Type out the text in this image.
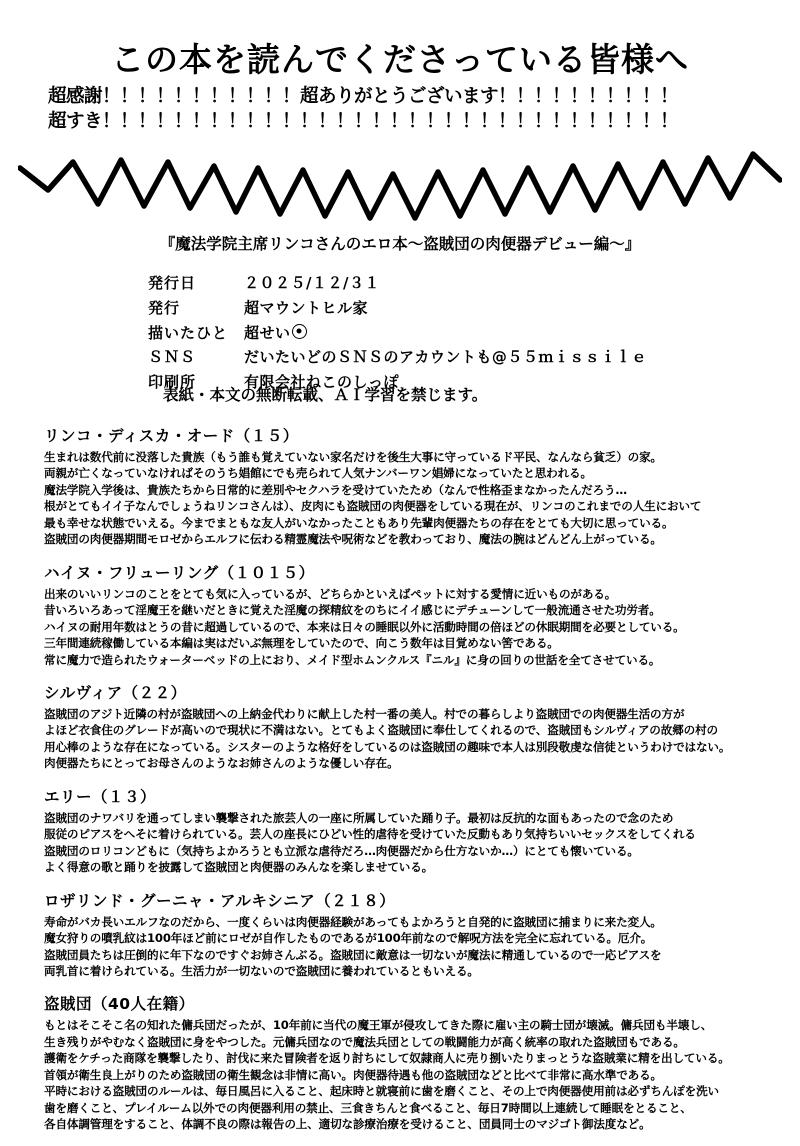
この本を読んでくださっている皆様へ
超感謝！！！！！！！！！！！超ありがとうございます！！！！！！！！！！
超すき！！！！！！！！！！！！！！！！！！！！！！！！！！！！！！！！
『魔法学院主席リンコさんのエロ本〜盗賊団の肉便器デビュー編〜』
発行日	２０２５/１２/３１
発行	超マウントヒル家
描いたひと	超せい
ＳＮＳ	だいたいどのＳＮＳのアカウントも@５５ｍｉｓｓｉｌｅ
印刷所	有限会社ねこのしっぽ
表紙・本文の無断転載、ＡＩ学習を禁じます。
リンコ・ディスカ・オード（１５）
生まれは数代前に没落した貴族（もう誰も覚えていない家名だけを後生大事に守っているド平民、なんなら貧乏）の家。
両親が亡くなっていなければそのうち娼館にでも売られて人気ナンバーワン娼婦になっていたと思われる。
魔法学院入学後は、貴族たちから日常的に差別やセクハラを受けていたため（なんで性格歪まなかったんだろう…
根がとてもイイ子なんでしょうねリンコさんは）、皮肉にも盗賊団の肉便器をしている現在が、リンコのこれまでの人生において
最も幸せな状態でいえる。今までまともな友人がいなかったこともあり先輩肉便器たちの存在をとても大切に思っている。
盗賊団の肉便器期間モロゼからエルフに伝わる精霊魔法や呪術などを教わっており、魔法の腕はどんどん上がっている。
ハイヌ・フリューリング（１０１５）
出来のいいリンコのことをとても気に入っているが、どちらかといえばペットに対する愛情に近いものがある。
昔いろいろあって淫魔王を継いだときに覚えた淫魔の探精紋をのちにイイ感じにデチューンして一般流通させた功労者。
ハイヌの耐用年数はとうの昔に超過しているので、本来は日々の睡眠以外に活動時間の倍ほどの休眠期間を必要としている。
三年間連続稼働している本編は実はだいぶ無理をしていたので、向こう数年は目覚めない筈である。
常に魔力で造られたウォーターベッドの上におり、メイド型ホムンクルス『ニル』に身の回りの世話を全てさせている。
シルヴィア（２２）
盗賊団のアジト近隣の村が盗賊団への上納金代わりに献上した村一番の美人。村での暮らしより盗賊団での肉便器生活の方が
よほど衣食住のグレードが高いので現状に不満はない。とてもよく盗賊団に奉仕してくれるので、盗賊団もシルヴィアの故郷の村の
用心棒のような存在になっている。シスターのような格好をしているのは盗賊団の趣味で本人は別段敬虔な信徒というわけではない。
肉便器たちにとってお母さんのようなお姉さんのような優しい存在。
エリー（１３）
盗賊団のナワバリを通ってしまい襲撃された旅芸人の一座に所属していた踊り子。最初は反抗的な面もあったので念のため
服従のピアスをへそに着けられている。芸人の座長にひどい性的虐待を受けていた反動もあり気持ちいいセックスをしてくれる
盗賊団のロリコンどもに（気持ちよかろうとも立派な虐待だろ…肉便器だから仕方ないか…）にとても懐いている。
よく得意の歌と踊りを披露して盗賊団と肉便器のみんなを楽しませている。
ロザリンド・グーニャ・アルキシニア（２１８）
寿命がバカ長いエルフなのだから、一度くらいは肉便器経験があってもよかろうと自発的に盗賊団に捕まりに来た変人。
魔女狩りの噴乳紋は100年ほど前にロゼが自作したものであるが100年前なので解呪方法を完全に忘れている。厄介。
盗賊団員たちは圧倒的に年下なのですぐお姉さんぶる。盗賊団に敵意は一切ないが魔法に精通しているので一応ピアスを
両乳首に着けられている。生活力が一切ないので盗賊団に養われているともいえる。
盗賊団（40人在籍）
もとはそこそこ名の知れた傭兵団だったが、10年前に当代の魔王軍が侵攻してきた際に雇い主の騎士団が壊滅。傭兵団も半壊し、
生き残りがやむなく盗賊団に身をやつした。元傭兵団なので魔法兵団としての戦闘能力が高く統率の取れた盗賊団もである。
護衛をケチった商隊を襲撃したり、討伐に来た冒険者を返り討ちにして奴隷商人に売り捌いたりまっとうな盗賊業に精を出している。
首領が衛生良上がりのため盗賊団の衛生観念は非情に高い。肉便器待遇も他の盗賊団などと比べて非常に高水準である。
平時における盗賊団のルールは、毎日風呂に入ること、起床時と就寝前に歯を磨くこと、その上で肉便器使用前は必ずちんぽを洗い
歯を磨くこと、プレイルーム以外での肉便器利用の禁止、三食きちんと食べること、毎日7時間以上連続して睡眠をとること、
各自体調管理をすること、体調不良の際は報告の上、適切な診療治療を受けること、団員同士のマジゴト御法度など。
